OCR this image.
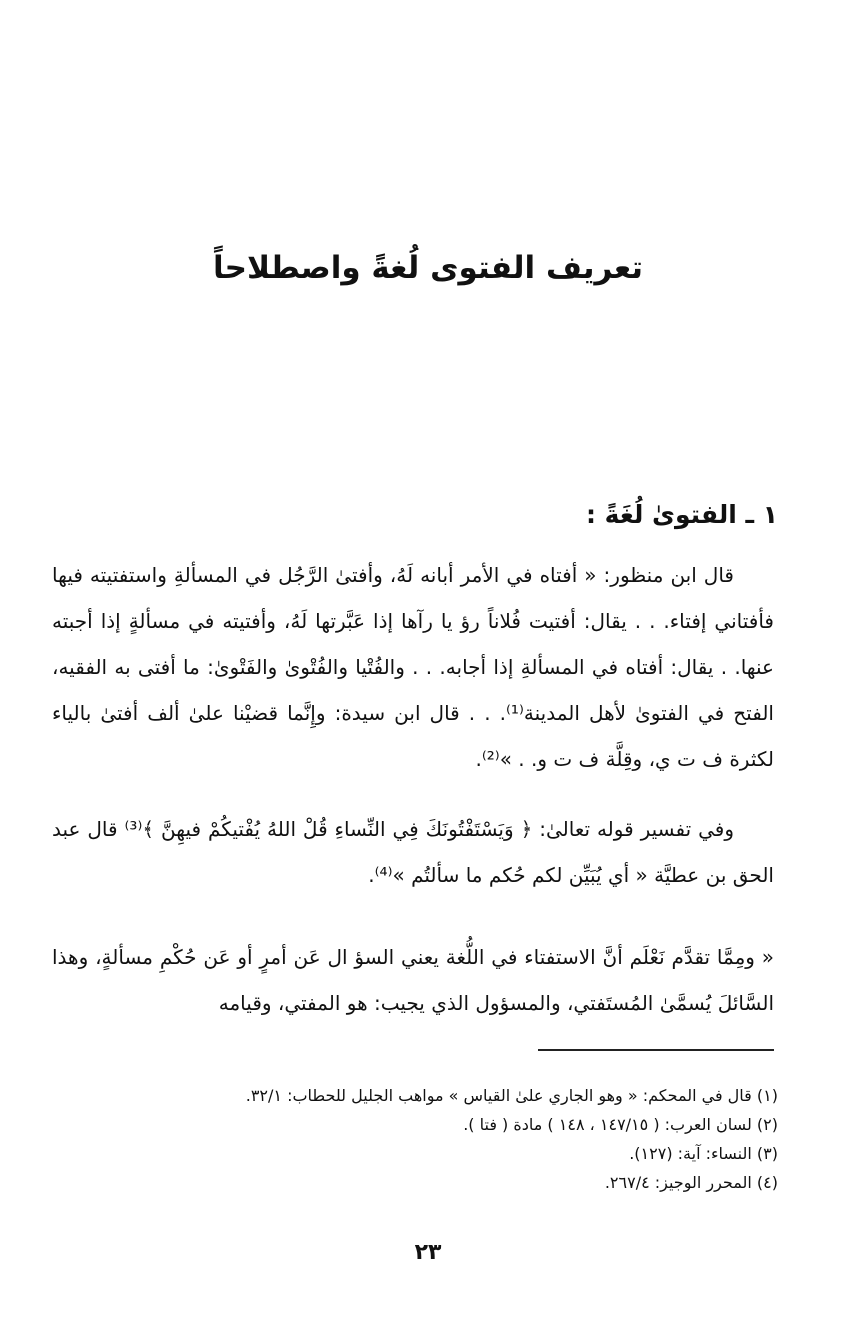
تعريف الفتوى لُغةً واصطلاحاً
١ ـ الفتوىٰ لُغَةً :

قال ابن منظور: « أفتاه في الأمر أبانه لَهُ، وأفتىٰ الرَّجُل في المسألةِ واستفتيته فيها فأفتاني إفتاء. . . يقال: أفتيت فُلاناً رؤ يا رآها إذا عَبَّرتها لَهُ، وأفتيته في مسألةٍ إذا أجبته عنها. . يقال: أفتاه في المسألةِ إذا أجابه. . . والفُتْيا والفُتْوىٰ والفَتْوىٰ: ما أفتى به الفقيه، الفتح في الفتوىٰ لأهل المدينة⁽¹⁾. . . قال ابن سيدة: وإِنَّما قضيْنا علىٰ ألف أفتىٰ بالياء لكثرة ف ت ي، وقِلَّة ف ت و. . »⁽²⁾.

وفي تفسير قوله تعالىٰ: ﴿ وَيَسْتَفْتُونَكَ فِي النِّساءِ قُلْ اللهُ يُفْتيكُمْ فيهِنَّ ﴾⁽³⁾ قال عبد الحق بن عطيَّة « أي يُبَيِّن لكم حُكم ما سألتُم »⁽⁴⁾.

« ومِمَّا تقدَّم نَعْلَم أنَّ الاستفتاء في اللُّغة يعني السؤ ال عَن أمرٍ أو عَن حُكْمِ مسألةٍ، وهذا السَّائلَ يُسمَّىٰ المُستَفتي، والمسؤول الذي يجيب: هو المفتي، وقيامه

(١) قال في المحكم: « وهو الجاري علىٰ القياس » مواهب الجليل للحطاب: ٣٢/١.
(٢) لسان العرب: ( ١٤٧/١٥ ، ١٤٨ ) مادة ( فتا ).
(٣) النساء: آية: (١٢٧).
(٤) المحرر الوجيز: ٢٦٧/٤.
٢٣
